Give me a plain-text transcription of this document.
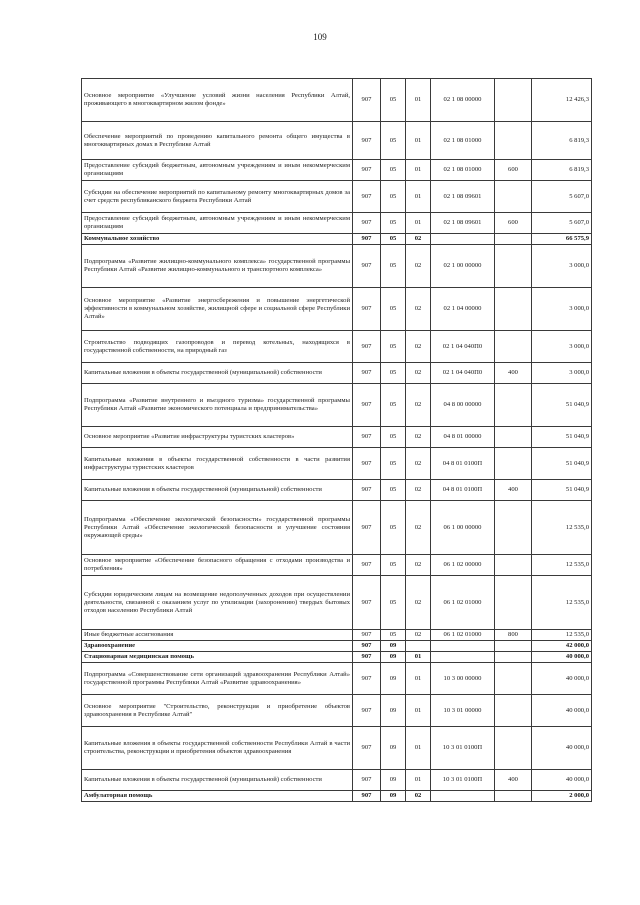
109
Основное мероприятие «Улучшение условий жизни населения Республики Алтай, проживающего в многоквартирном жилом фонде»	907	05	01	02 1 08 00000		12 426,3
Обеспечение мероприятий по проведению капитального ремонта общего имущества в многоквартирных домах в Республике Алтай	907	05	01	02 1 08 01000		6 819,3
Предоставление субсидий бюджетным, автономным учреждениям и иным некоммерческим организациям	907	05	01	02 1 08 01000	600	6 819,3
Субсидии на обеспечение мероприятий по капитальному ремонту многоквартирных домов за счет средств республиканского бюджета Республики Алтай	907	05	01	02 1 08 09601		5 607,0
Предоставление субсидий бюджетным, автономным учреждениям и иным некоммерческим организациям	907	05	01	02 1 08 09601	600	5 607,0
Коммунальное хозяйство	907	05	02			66 575,9
Подпрограмма «Развитие жилищно-коммунального комплекса» государственной программы Республики Алтай «Развитие жилищно-коммунального и транспортного комплекса»	907	05	02	02 1 00 00000		3 000,0
Основное мероприятие «Развитие энергосбережения и повышение энергетической эффективности в коммунальном хозяйстве, жилищной сфере и социальной сфере Республики Алтай»	907	05	02	02 1 04 00000		3 000,0
Строительство подводящих газопроводов и перевод котельных, находящихся в государственной собственности, на природный газ	907	05	02	02 1 04 040П0		3 000,0
Капитальные вложения в объекты государственной (муниципальной) собственности	907	05	02	02 1 04 040П0	400	3 000,0
Подпрограмма «Развитие внутреннего и въездного туризма» государственной программы Республики Алтай «Развитие экономического потенциала и предпринимательства»	907	05	02	04 8 00 00000		51 040,9
Основное мероприятие «Развитие инфраструктуры туристских кластеров»	907	05	02	04 8 01 00000		51 040,9
Капитальные вложения в объекты государственной собственности в части развития инфраструктуры туристских кластеров	907	05	02	04 8 01 0100П		51 040,9
Капитальные вложения в объекты государственной (муниципальной) собственности	907	05	02	04 8 01 0100П	400	51 040,9
Подпрограмма «Обеспечение экологической безопасности» государственной программы Республики Алтай «Обеспечение экологической безопасности и улучшение состояния окружающей среды»	907	05	02	06 1 00 00000		12 535,0
Основное мероприятие «Обеспечение безопасного обращения с отходами производства и потребления»	907	05	02	06 1 02 00000		12 535,0
Субсидии юридическим лицам на возмещение недополученных доходов при осуществлении деятельности, связанной с оказанием услуг по утилизации (захоронению) твердых бытовых отходов населению Республики Алтай	907	05	02	06 1 02 01000		12 535,0
Иные бюджетные ассигнования	907	05	02	06 1 02 01000	800	12 535,0
Здравоохранение	907	09				42 000,0
Стационарная медицинская помощь	907	09	01			40 000,0
Подпрограмма «Совершенствование сети организаций здравоохранения Республики Алтай» государственной программы Республики Алтай «Развитие здравоохранения»	907	09	01	10 3 00 00000		40 000,0
Основное мероприятие "Строительство, реконструкция и приобретение объектов здравоохранения в Республике Алтай"	907	09	01	10 3 01 00000		40 000,0
Капитальные вложения в объекты государственной собственности Республики Алтай в части строительства, реконструкции и приобретения объектов здравоохранения	907	09	01	10 3 01 0100П		40 000,0
Капитальные вложения в объекты государственной (муниципальной) собственности	907	09	01	10 3 01 0100П	400	40 000,0
Амбулаторная помощь	907	09	02			2 000,0
